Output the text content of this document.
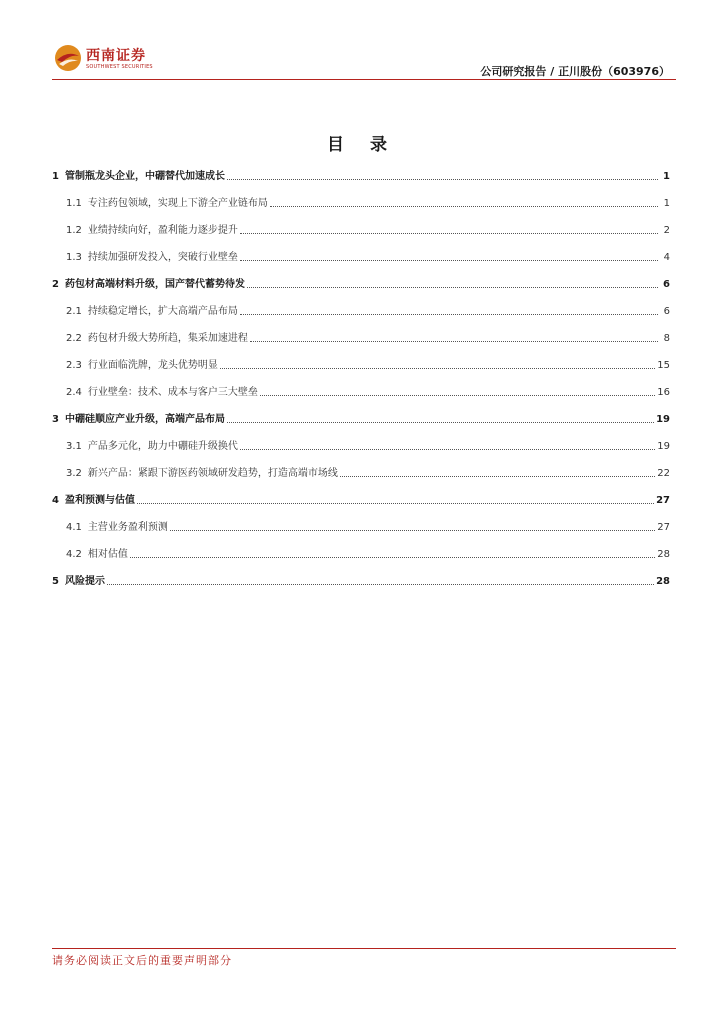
西南证券
SOUTHWEST SECURITIES	公司研究报告 / 正川股份（603976）
目 录
1 管制瓶龙头企业，中硼替代加速成长	1
1.1 专注药包领域，实现上下游全产业链布局	1
1.2 业绩持续向好，盈利能力逐步提升	2
1.3 持续加强研发投入，突破行业壁垒	4
2 药包材高端材料升级，国产替代蓄势待发	6
2.1 持续稳定增长，扩大高端产品布局	6
2.2 药包材升级大势所趋，集采加速进程	8
2.3 行业面临洗牌，龙头优势明显	15
2.4 行业壁垒：技术、成本与客户三大壁垒	16
3 中硼硅顺应产业升级，高端产品布局	19
3.1 产品多元化，助力中硼硅升级换代	19
3.2 新兴产品：紧跟下游医药领域研发趋势，打造高端市场线	22
4 盈利预测与估值	27
4.1 主营业务盈利预测	27
4.2 相对估值	28
5 风险提示	28
请务必阅读正文后的重要声明部分
